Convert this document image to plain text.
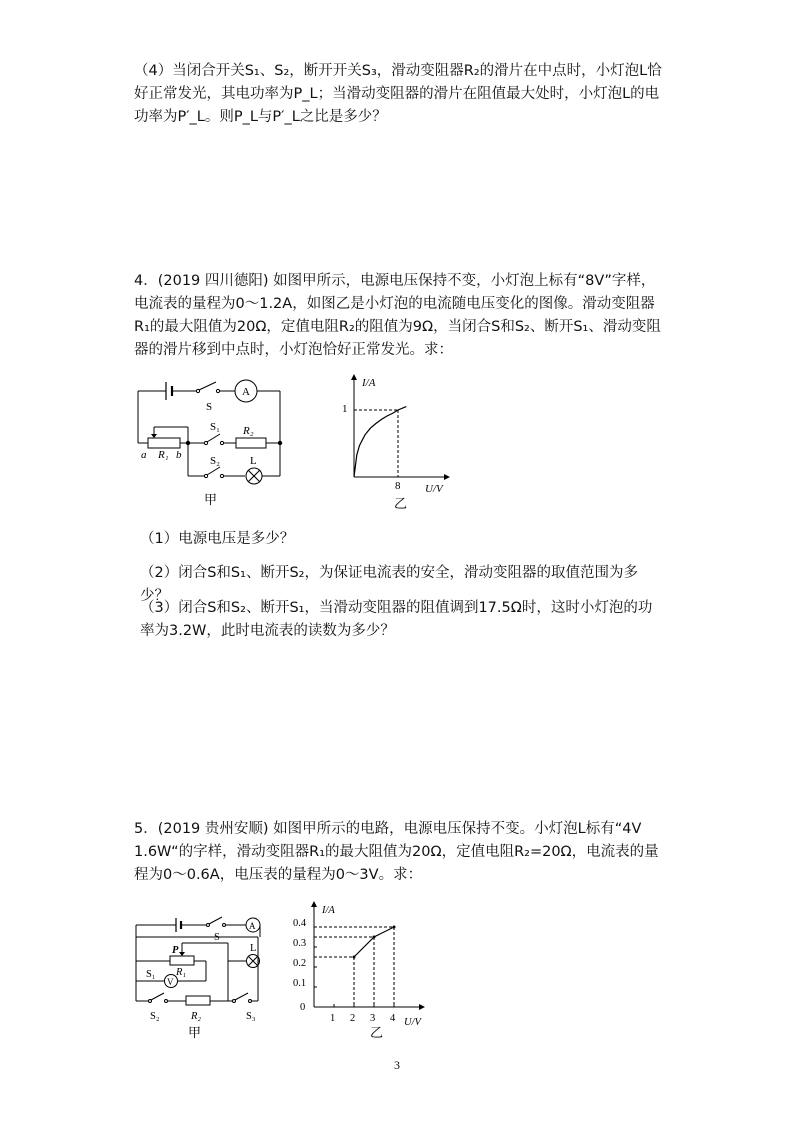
（4）当闭合开关S₁、S₂，断开开关S₃，滑动变阻器R₂的滑片在中点时，小灯泡L恰好正常发光，其电功率为P_L；当滑动变阻器的滑片在阻值最大处时，小灯泡L的电功率为P′_L。则P_L与P′_L之比是多少？

4．(2019 四川德阳) 如图甲所示，电源电压保持不变，小灯泡上标有“8V”字样，电流表的量程为0～1.2A，如图乙是小灯泡的电流随电压变化的图像。滑动变阻器R₁的最大阻值为20Ω，定值电阻R₂的阻值为9Ω，当闭合S和S₂、断开S₁、滑动变阻器的滑片移到中点时，小灯泡恰好正常发光。求：

S
A
S₁ R₂
S₂	L
a	b
R₁
甲
I/A
U/V
1
8
乙

（1）电源电压是多少？

（2）闭合S和S₁、断开S₂，为保证电流表的安全，滑动变阻器的取值范围为多少？

（3）闭合S和S₂、断开S₁，当滑动变阻器的阻值调到17.5Ω时，这时小灯泡的功率为3.2W，此时电流表的读数为多少？

5．(2019 贵州安顺) 如图甲所示的电路，电源电压保持不变。小灯泡L标有“4V 1.6W“的字样，滑动变阻器R₁的最大阻值为20Ω，定值电阻R₂=20Ω，电流表的量程为0～0.6A，电压表的量程为0～3V。求：

S
A
P	L
S₁ R₁
V
S₂	R₂	S₃
甲
I/A
U/V
0.4
0.3
0.2
0.1
0
1 2 3 4
乙
3
